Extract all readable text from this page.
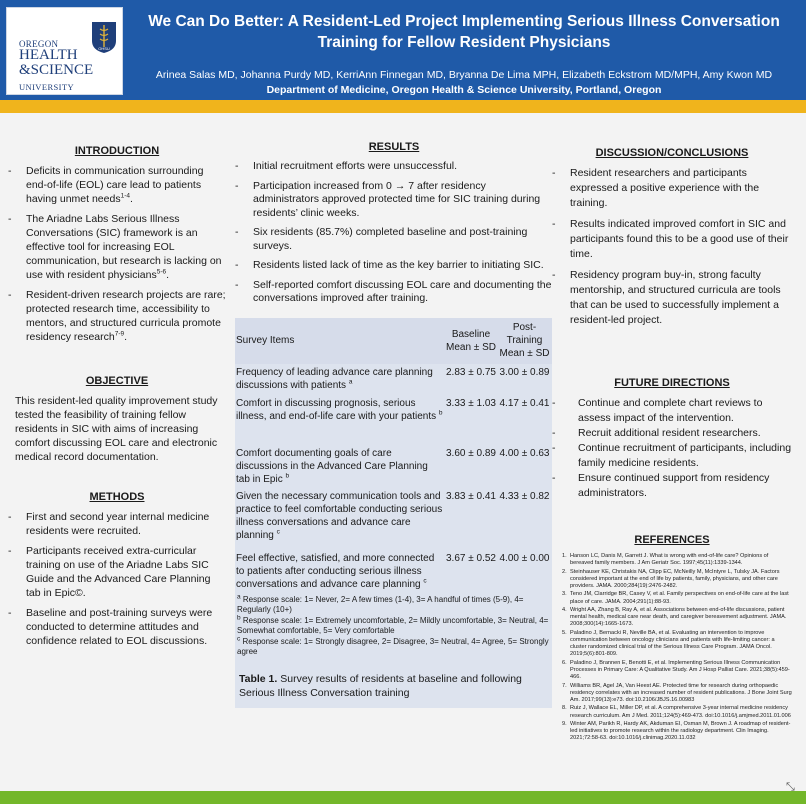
OHSU
OREGON
HEALTH
&SCIENCE
UNIVERSITY
We Can Do Better: A Resident-Led Project Implementing Serious Illness Conversation Training for Fellow Resident Physicians
Arinea Salas MD, Johanna Purdy MD, KerriAnn Finnegan MD, Bryanna De Lima MPH, Elizabeth Eckstrom MD/MPH, Amy Kwon MD
Department of Medicine, Oregon Health & Science University, Portland, Oregon
INTRODUCTION
- Deficits in communication surrounding end-of-life (EOL) care lead to patients having unmet needs$^{1-4}$.
- The Ariadne Labs Serious Illness Conversations (SIC) framework is an effective tool for increasing EOL communication, but research is lacking on use with resident physicians$^{5-6}$.
- Resident-driven research projects are rare; protected research time, accessibility to mentors, and structured curricula promote residency research$^{7-9}$.
OBJECTIVE

This resident-led quality improvement study tested the feasibility of training fellow residents in SIC with aims of increasing comfort discussing EOL care and electronic medical record documentation.

METHODS
- First and second year internal medicine residents were recruited.
- Participants received extra-curricular training on use of the Ariadne Labs SIC Guide and the Advanced Care Planning tab in Epic©.
- Baseline and post-training surveys were conducted to determine attitudes and confidence related to EOL discussions.
RESULTS
- Initial recruitment efforts were unsuccessful.
- Participation increased from 0 → 7 after residency administrators approved protected time for SIC training during residents’ clinic weeks.
- Six residents (85.7%) completed baseline and post-training surveys.
- Residents listed lack of time as the key barrier to initiating SIC.
- Self-reported comfort discussing EOL care and documenting the conversations improved after training.
Survey Items	Baseline Mean ± SD	Post-Training Mean ± SD
Frequency of leading advance care planning discussions with patients $^a$	2.83 ± 0.75	3.00 ± 0.89
Comfort in discussing prognosis, serious illness, and end-of-life care with your patients $^b$	3.33 ± 1.03	4.17 ± 0.41
Comfort documenting goals of care discussions in the Advanced Care Planning tab in Epic $^b$	3.60 ± 0.89	4.00 ± 0.63
Given the necessary communication tools and practice to feel comfortable conducting serious illness conversations and advance care planning $^c$	3.83 ± 0.41	4.33 ± 0.82
Feel effective, satisfied, and more connected to patients after conducting serious illness conversations and advance care planning $^c$	3.67 ± 0.52	4.00 ± 0.00
$^a$ Response scale: 1= Never, 2= A few times (1-4), 3= A handful of times (5-9), 4= Regularly (10+)
$^b$ Response scale: 1= Extremely uncomfortable, 2= Mildly uncomfortable, 3= Neutral, 4= Somewhat comfortable, 5= Very comfortable
$^c$ Response scale: 1= Strongly disagree, 2= Disagree, 3= Neutral, 4= Agree, 5= Strongly agree
Table 1. Survey results of residents at baseline and following Serious Illness Conversation training
DISCUSSION/CONCLUSIONS
- Resident researchers and participants expressed a positive experience with the training.
- Results indicated improved comfort in SIC and participants found this to be a good use of their time.
- Residency program buy-in, strong faculty mentorship, and structured curricula are tools that can be used to successfully implement a resident-led project.
FUTURE DIRECTIONS
- Continue and complete chart reviews to assess impact of the intervention.
- Recruit additional resident researchers.
- Continue recruitment of participants, including family medicine residents.
- Ensure continued support from residency administrators.
REFERENCES
1. Hanson LC, Danis M, Garrett J. What is wrong with end-of-life care? Opinions of bereaved family members. J Am Geriatr Soc. 1997;45(11):1339-1344.
2. Steinhauser KE, Christakis NA, Clipp EC, McNeilly M, McIntyre L, Tulsky JA. Factors considered important at the end of life by patients, family, physicians, and other care providers. JAMA. 2000;284(19):2476-2482.
3. Teno JM, Clarridge BR, Casey V, et al. Family perspectives on end-of-life care at the last place of care. JAMA. 2004;291(1):88-93.
4. Wright AA, Zhang B, Ray A, et al. Associations between end-of-life discussions, patient mental health, medical care near death, and caregiver bereavement adjustment. JAMA. 2008;300(14):1665-1673.
5. Paladino J, Bernacki R, Neville BA, et al. Evaluating an intervention to improve communication between oncology clinicians and patients with life-limiting cancer: a cluster randomized clinical trial of the Serious Illness Care Program. JAMA Oncol. 2019;5(6):801-809.
6. Paladino J, Brannen E, Benotti E, et al. Implementing Serious Illness Communication Processes in Primary Care: A Qualitative Study. Am J Hosp Palliat Care. 2021;38(5):459-466.
7. Williams BR, Agel JA, Van Heest AE. Protected time for research during orthopaedic residency correlates with an increased number of resident publications. J Bone Joint Surg Am. 2017;99(13):e73. doi:10.2106/JBJS.16.00983
8. Ruiz J, Wallace EL, Miller DP, et al. A comprehensive 3-year internal medicine residency research curriculum. Am J Med. 2011;124(5):469-473. doi:10.1016/j.amjmed.2011.01.006
9. Winter AM, Parikh R, Hardy AK, Akduman EI, Osman M, Brown J. A roadmap of resident-led initiatives to promote research within the radiology department. Clin Imaging. 2021;72:58-63. doi:10.1016/j.clinimag.2020.11.032
⤡
